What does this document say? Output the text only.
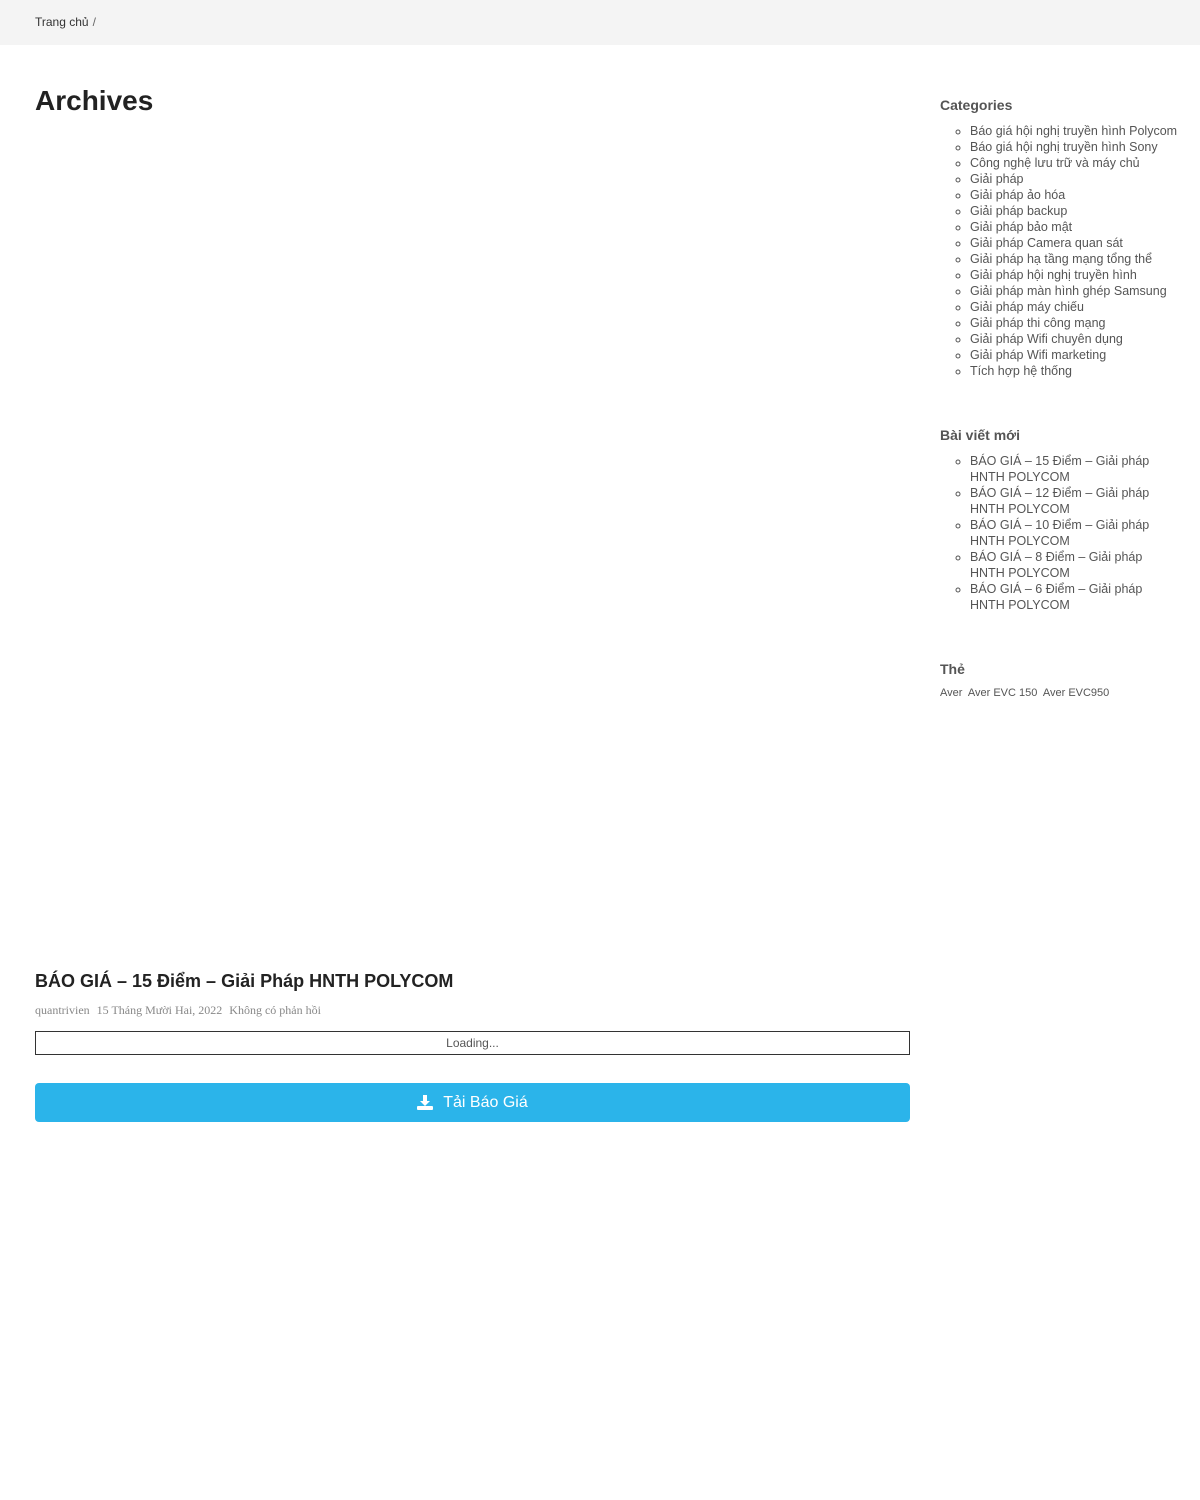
Trang chủ /
Archives
BÁO GIÁ – 15 Điểm – Giải Pháp HNTH POLYCOM
quantrivien 15 Tháng Mười Hai, 2022 Không có phản hồi
Loading...
Tải Báo Giá
Categories
◦ Báo giá hội nghị truyền hình Polycom
◦ Báo giá hội nghị truyền hình Sony
◦ Công nghệ lưu trữ và máy chủ
◦ Giải pháp
◦ Giải pháp ảo hóa
◦ Giải pháp backup
◦ Giải pháp bảo mật
◦ Giải pháp Camera quan sát
◦ Giải pháp hạ tầng mạng tổng thể
◦ Giải pháp hội nghị truyền hình
◦ Giải pháp màn hình ghép Samsung
◦ Giải pháp máy chiếu
◦ Giải pháp thi công mạng
◦ Giải pháp Wifi chuyên dụng
◦ Giải pháp Wifi marketing
◦ Tích hợp hệ thống
Bài viết mới
◦ BÁO GIÁ – 15 Điểm – Giải pháp HNTH POLYCOM
◦ BÁO GIÁ – 12 Điểm – Giải pháp HNTH POLYCOM
◦ BÁO GIÁ – 10 Điểm – Giải pháp HNTH POLYCOM
◦ BÁO GIÁ – 8 Điểm – Giải pháp HNTH POLYCOM
◦ BÁO GIÁ – 6 Điểm – Giải pháp HNTH POLYCOM
Thẻ
Aver Aver EVC 150 Aver EVC950
